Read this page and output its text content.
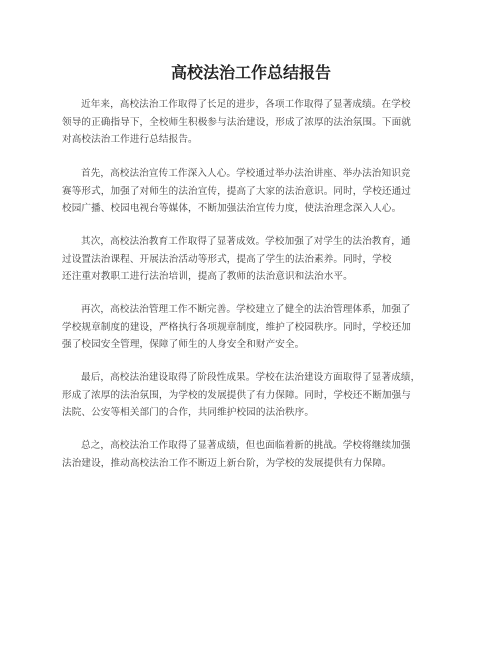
高校法治工作总结报告
近年来，高校法治工作取得了长足的进步，各项工作取得了显著成绩。在学校
领导的正确指导下，全校师生积极参与法治建设，形成了浓厚的法治氛围。下面就
对高校法治工作进行总结报告。
首先，高校法治宣传工作深入人心。学校通过举办法治讲座、举办法治知识竞
赛等形式，加强了对师生的法治宣传，提高了大家的法治意识。同时，学校还通过
校园广播、校园电视台等媒体，不断加强法治宣传力度，使法治理念深入人心。
其次，高校法治教育工作取得了显著成效。学校加强了对学生的法治教育，通
过设置法治课程、开展法治活动等形式，提高了学生的法治素养。同时，学校
还注重对教职工进行法治培训，提高了教师的法治意识和法治水平。
再次，高校法治管理工作不断完善。学校建立了健全的法治管理体系，加强了
学校规章制度的建设，严格执行各项规章制度，维护了校园秩序。同时，学校还加
强了校园安全管理，保障了师生的人身安全和财产安全。
最后，高校法治建设取得了阶段性成果。学校在法治建设方面取得了显著成绩，
形成了浓厚的法治氛围，为学校的发展提供了有力保障。同时，学校还不断加强与
法院、公安等相关部门的合作，共同维护校园的法治秩序。
总之，高校法治工作取得了显著成绩，但也面临着新的挑战。学校将继续加强
法治建设，推动高校法治工作不断迈上新台阶，为学校的发展提供有力保障。
